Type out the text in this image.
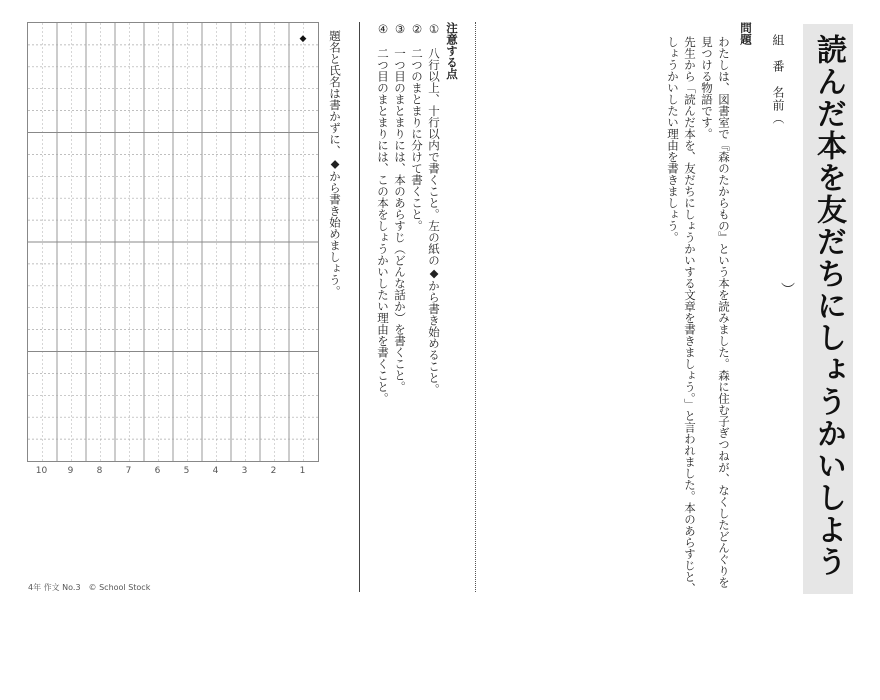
読んだ本を友だちにしょうかいしよう
組　番　名前（
）
問題
わたしは、図書室で『森のたからもの』という本を読みました。森に住む子ぎつねが、なくしたどんぐりを見つける物語です。
先生から「読んだ本を、友だちにしょうかいする文章を書きましょう。」と言われました。本のあらすじと、しょうかいしたい理由を書きましょう。
注意する点
①　八行以上、十行以内で書くこと。左の紙の◆から書き始めること。
②　二つのまとまりに分けて書くこと。
③　一つ目のまとまりには、本のあらすじ（どんな話か）を書くこと。
④　二つ目のまとまりには、この本をしょうかいしたい理由を書くこと。
題名と氏名は書かずに、◆から書き始めましょう。
◆
10	9	8	7	6	5	4	3	2	1
4年 作文 No.3　© School Stock
